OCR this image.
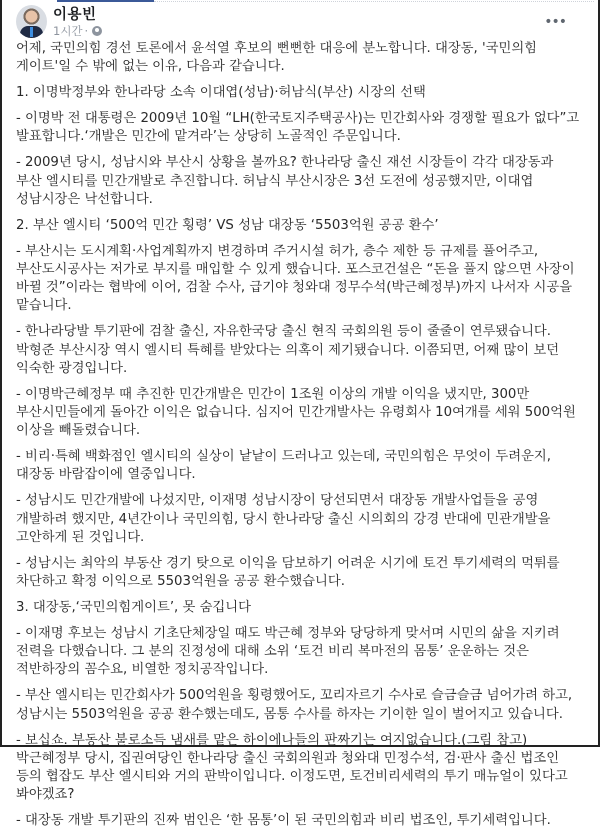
이용빈
1시간 ·
•••

어제, 국민의힘 경선 토론에서 윤석열 후보의 뻔뻔한 대응에 분노합니다. 대장동, '국민의힘 게이트'일 수 밖에 없는 이유, 다음과 같습니다.

1. 이명박정부와 한나라당 소속 이대엽(성남)·허남식(부산) 시장의 선택

- 이명박 전 대통령은 2009년 10월 “LH(한국토지주택공사)는 민간회사와 경쟁할 필요가 없다”고 발표합니다.‘개발은 민간에 맡겨라’는 상당히 노골적인 주문입니다.

- 2009년 당시, 성남시와 부산시 상황을 볼까요? 한나라당 출신 재선 시장들이 각각 대장동과 부산 엘시티를 민간개발로 추진합니다. 허남식 부산시장은 3선 도전에 성공했지만, 이대엽 성남시장은 낙선합니다.

2. 부산 엘시티 ‘500억 민간 횡령’ VS 성남 대장동 ‘5503억원 공공 환수’

- 부산시는 도시계획·사업계획까지 변경하며 주거시설 허가, 층수 제한 등 규제를 풀어주고, 부산도시공사는 저가로 부지를 매입할 수 있게 했습니다. 포스코건설은 “돈을 풀지 않으면 사장이 바뀔 것”이라는 협박에 이어, 검찰 수사, 급기야 청와대 정무수석(박근혜정부)까지 나서자 시공을 맡습니다.

- 한나라당발 투기판에 검찰 출신, 자유한국당 출신 현직 국회의원 등이 줄줄이 연루됐습니다. 박형준 부산시장 역시 엘시티 특혜를 받았다는 의혹이 제기됐습니다. 이쯤되면, 어째 많이 보던 익숙한 광경입니다.

- 이명박근혜정부 때 추진한 민간개발은 민간이 1조원 이상의 개발 이익을 냈지만, 300만 부산시민들에게 돌아간 이익은 없습니다. 심지어 민간개발사는 유령회사 10여개를 세워 500억원 이상을 빼돌렸습니다.

- 비리·특혜 백화점인 엘시티의 실상이 낱낱이 드러나고 있는데, 국민의힘은 무엇이 두려운지, 대장동 바람잡이에 열중입니다.

- 성남시도 민간개발에 나섰지만, 이재명 성남시장이 당선되면서 대장동 개발사업들을 공영 개발하려 했지만, 4년간이나 국민의힘, 당시 한나라당 출신 시의회의 강경 반대에 민관개발을 고안하게 된 것입니다.

- 성남시는 최악의 부동산 경기 탓으로 이익을 담보하기 어려운 시기에 토건 투기세력의 먹튀를 차단하고 확정 이익으로 5503억원을 공공 환수했습니다.

3. 대장동,‘국민의힘게이트’, 못 숨깁니다

- 이재명 후보는 성남시 기초단체장일 때도 박근혜 정부와 당당하게 맞서며 시민의 삶을 지키려 전력을 다했습니다. 그 분의 진정성에 대해 소위 ‘토건 비리 복마전의 몸통’ 운운하는 것은 적반하장의 꼼수요, 비열한 정치공작입니다.

- 부산 엘시티는 민간회사가 500억원을 횡령했어도, 꼬리자르기 수사로 슬금슬금 넘어가려 하고, 성남시는 5503억원을 공공 환수했는데도, 몸통 수사를 하자는 기이한 일이 벌어지고 있습니다.

- 보십쇼. 부동산 불로소득 냄새를 맡은 하이에나들의 판짜기는 여지없습니다.(그림 참고) 박근혜정부 당시, 집권여당인 한나라당 출신 국회의원과 청와대 민정수석, 검·판사 출신 법조인 등의 협잡도 부산 엘시티와 거의 판박이입니다. 이정도면, 토건비리세력의 투기 매뉴얼이 있다고 봐야겠죠?

- 대장동 개발 투기판의 진짜 범인은 ‘한 몸통’이 된 국민의힘과 비리 법조인, 투기세력입니다.
